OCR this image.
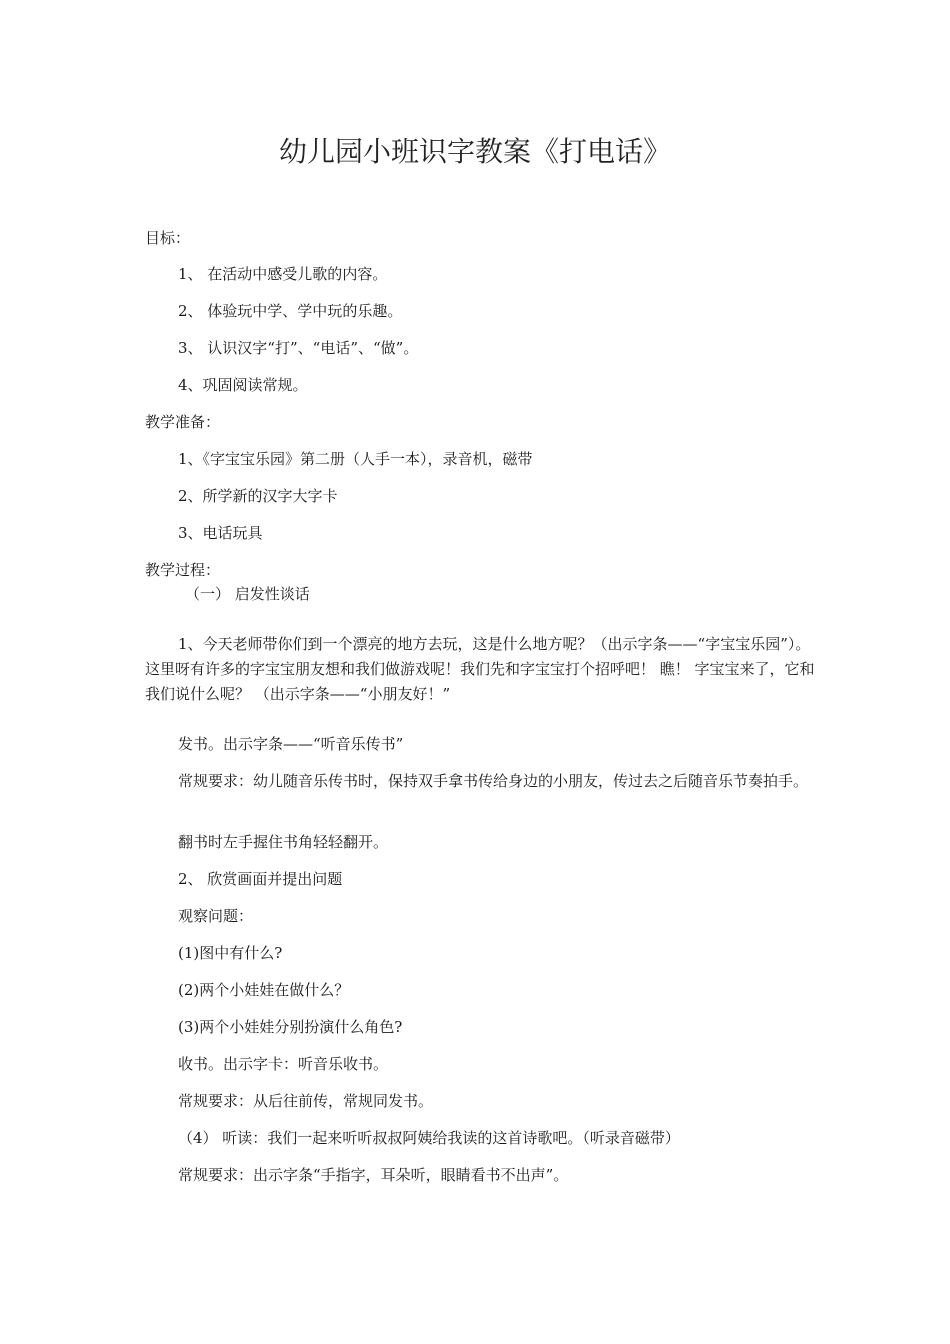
幼儿园小班识字教案《打电话》
目标：
1、 在活动中感受儿歌的内容。
2、 体验玩中学、学中玩的乐趣。
3、 认识汉字“打”、“电话”、“做”。
4、巩固阅读常规。
教学准备：
1、《字宝宝乐园》第二册（人手一本），录音机，磁带
2、所学新的汉字大字卡
3、电话玩具
教学过程：
（一） 启发性谈话
1、今天老师带你们到一个漂亮的地方去玩，这是什么地方呢？（出示字条——“字宝宝乐园”）。这里呀有许多的字宝宝朋友想和我们做游戏呢！我们先和字宝宝打个招呼吧！ 瞧！ 字宝宝来了，它和我们说什么呢？ （出示字条——“小朋友好！”
发书。出示字条——“听音乐传书”
常规要求：幼儿随音乐传书时，保持双手拿书传给身边的小朋友，传过去之后随音乐节奏拍手。
翻书时左手握住书角轻轻翻开。
2、 欣赏画面并提出问题
观察问题：
(1)图中有什么?
(2)两个小娃娃在做什么？
(3)两个小娃娃分别扮演什么角色?
收书。出示字卡：听音乐收书。
常规要求：从后往前传，常规同发书。
（4） 听读：我们一起来听听叔叔阿姨给我读的这首诗歌吧。（听录音磁带）
常规要求：出示字条“手指字，耳朵听，眼睛看书不出声”。
